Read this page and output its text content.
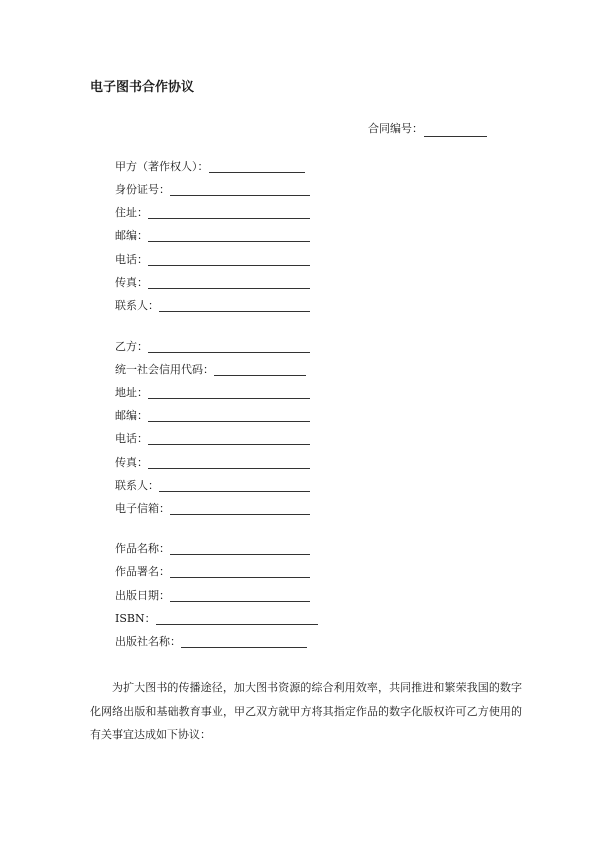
电子图书合作协议
合同编号：
甲方（著作权人）：
身份证号：
住址：
邮编：
电话：
传真：
联系人：
乙方：
统一社会信用代码：
地址：
邮编：
电话：
传真：
联系人：
电子信箱：
作品名称：
作品署名：
出版日期：
ISBN：
出版社名称：

为扩大图书的传播途径，加大图书资源的综合利用效率，共同推进和繁荣我国的数字化网络出版和基础教育事业，甲乙双方就甲方将其指定作品的数字化版权许可乙方使用的有关事宜达成如下协议：
